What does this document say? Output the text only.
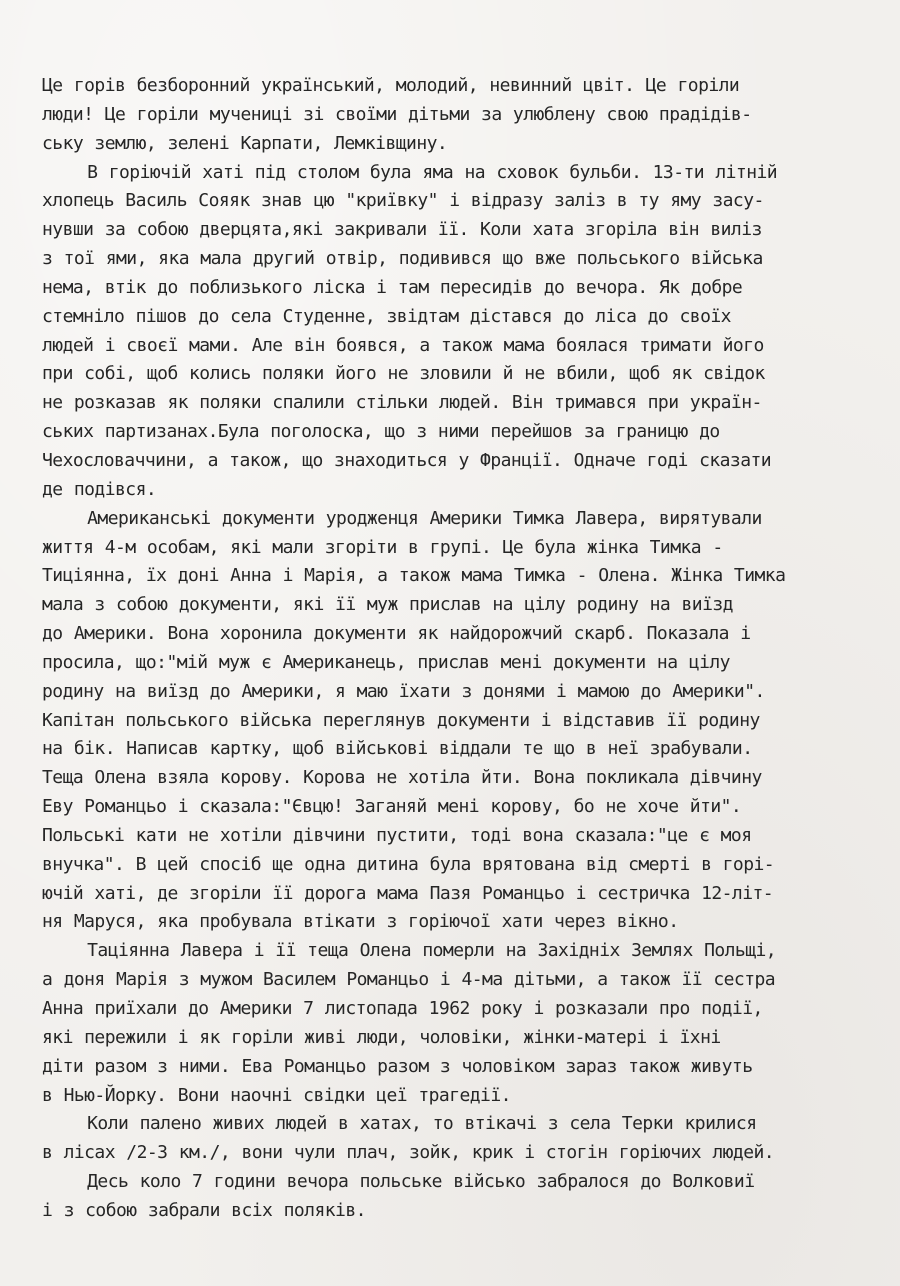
Це горів безборонний український, молодий, невинний цвіт. Це горіли
люди! Це горіли мучениці зі своїми дітьми за улюблену свою прадідів-
ську землю, зелені Карпати, Лемківщину.
В горіючій хаті під столом була яма на сховок бульби. 13-ти літній
хлопець Василь Сояяк знав цю "криївку" і відразу заліз в ту яму засу-
нувши за собою дверцята,які закривали її. Коли хата згоріла він виліз
з тої ями, яка мала другий отвір, подивився що вже польського війська
нема, втік до поблизького ліска і там пересидів до вечора. Як добре
стемніло пішов до села Студенне, звідтам дістався до ліса до своїх
людей і своєї мами. Але він боявся, а також мама боялася тримати його
при собі, щоб колись поляки його не зловили й не вбили, щоб як свідок
не розказав як поляки спалили стільки людей. Він тримався при україн-
ських партизанах.Була поголоска, що з ними перейшов за границю до
Чехословаччини, а також, що знаходиться у Франції. Одначе годі сказати
де подівся.
Американські документи уродженця Америки Тимка Лавера, вирятували
життя 4-м особам, які мали згоріти в групі. Це була жінка Тимка -
Тиціянна, їх доні Анна і Марія, а також мама Тимка - Олена. Жінка Тимка
мала з собою документи, які її муж прислав на цілу родину на виїзд
до Америки. Вона хоронила документи як найдорожчий скарб. Показала і
просила, що:"мій муж є Американець, прислав мені документи на цілу
родину на виїзд до Америки, я маю їхати з донями і мамою до Америки".
Капітан польського війська переглянув документи і відставив її родину
на бік. Написав картку, щоб військові віддали те що в неї зрабували.
Теща Олена взяла корову. Корова не хотіла йти. Вона покликала дівчину
Еву Романцьо і сказала:"Євцю! Заганяй мені корову, бо не хоче йти".
Польські кати не хотіли дівчини пустити, тоді вона сказала:"це є моя
внучка". В цей спосіб ще одна дитина була врятована від смерті в горі-
ючій хаті, де згоріли її дорога мама Пазя Романцьо і сестричка 12-літ-
ня Маруся, яка пробувала втікати з горіючої хати через вікно.
Таціянна Лавера і її теща Олена померли на Західніх Землях Польщі,
а доня Марія з мужом Василем Романцьо і 4-ма дітьми, а також її сестра
Анна приїхали до Америки 7 листопада 1962 року і розказали про події,
які пережили і як горіли живі люди, чоловіки, жінки-матері і їхні
діти разом з ними. Ева Романцьо разом з чоловіком зараз також живуть
в Нью-Йорку. Вони наочні свідки цеї трагедії.
Коли палено живих людей в хатах, то втікачі з села Терки крилися
в лісах /2-3 км./, вони чули плач, зойк, крик і стогін горіючих людей.
Десь коло 7 години вечора польське військо забралося до Волковиї
і з собою забрали всіх поляків.
